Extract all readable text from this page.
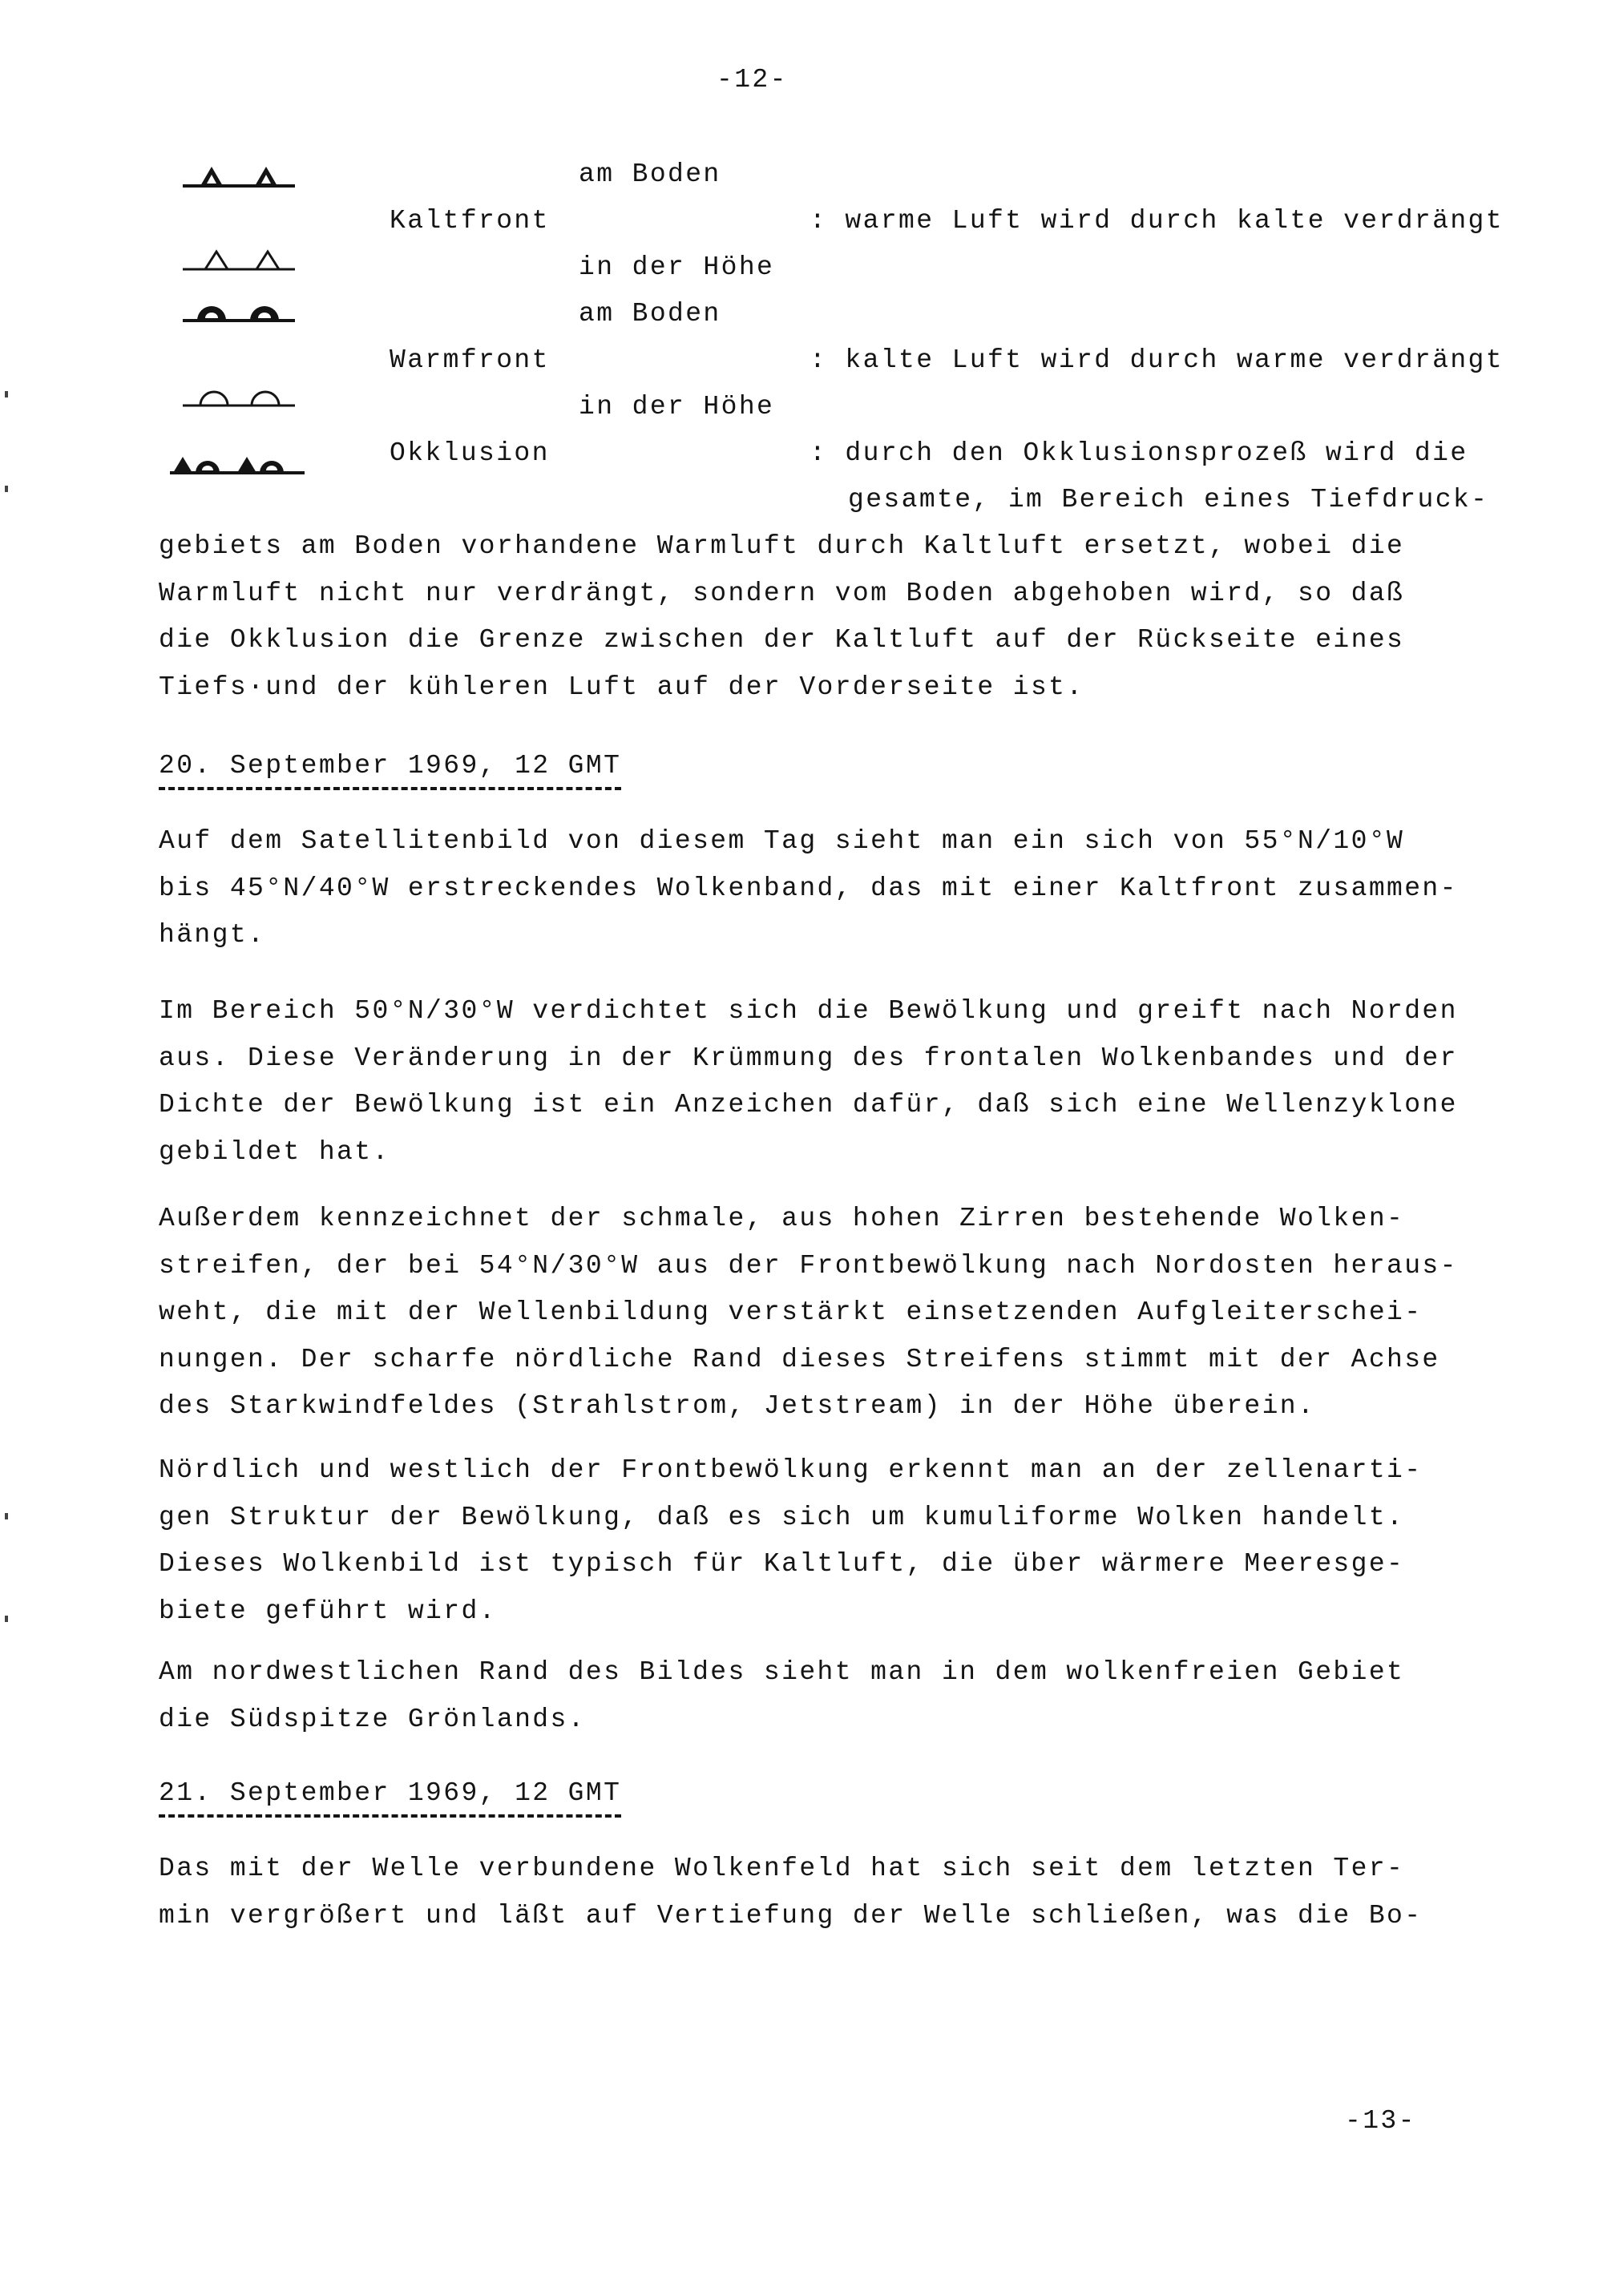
-12-
am Boden
Kaltfront	: warme Luft wird durch kalte verdrängt
in der Höhe
am Boden
Warmfront	: kalte Luft wird durch warme verdrängt
in der Höhe
Okklusion	: durch den Okklusionsprozeß wird die
gesamte, im Bereich eines Tiefdruck-
gebiets am Boden vorhandene Warmluft durch Kaltluft ersetzt, wobei die
Warmluft nicht nur verdrängt, sondern vom Boden abgehoben wird, so daß
die Okklusion die Grenze zwischen der Kaltluft auf der Rückseite eines
Tiefs·und der kühleren Luft auf der Vorderseite ist.
20. September 1969, 12 GMT
Auf dem Satellitenbild von diesem Tag sieht man ein sich von 55°N/10°W
bis 45°N/40°W erstreckendes Wolkenband, das mit einer Kaltfront zusammen-
hängt.
Im Bereich 50°N/30°W verdichtet sich die Bewölkung und greift nach Norden
aus. Diese Veränderung in der Krümmung des frontalen Wolkenbandes und der
Dichte der Bewölkung ist ein Anzeichen dafür, daß sich eine Wellenzyklone
gebildet hat.
Außerdem kennzeichnet der schmale, aus hohen Zirren bestehende Wolken-
streifen, der bei 54°N/30°W aus der Frontbewölkung nach Nordosten heraus-
weht, die mit der Wellenbildung verstärkt einsetzenden Aufgleiterschei-
nungen. Der scharfe nördliche Rand dieses Streifens stimmt mit der Achse
des Starkwindfeldes (Strahlstrom, Jetstream) in der Höhe überein.
Nördlich und westlich der Frontbewölkung erkennt man an der zellenarti-
gen Struktur der Bewölkung, daß es sich um kumuliforme Wolken handelt.
Dieses Wolkenbild ist typisch für Kaltluft, die über wärmere Meeresge-
biete geführt wird.
Am nordwestlichen Rand des Bildes sieht man in dem wolkenfreien Gebiet
die Südspitze Grönlands.
21. September 1969, 12 GMT
Das mit der Welle verbundene Wolkenfeld hat sich seit dem letzten Ter-
min vergrößert und läßt auf Vertiefung der Welle schließen, was die Bo-
-13-
